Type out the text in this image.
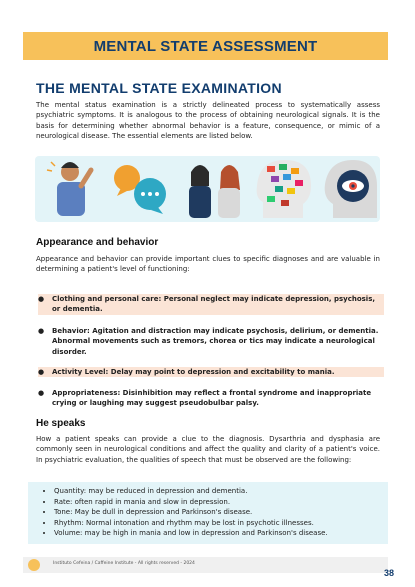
MENTAL STATE ASSESSMENT
THE MENTAL STATE EXAMINATION
The mental status examination is a strictly delineated process to systematically assess psychiatric symptoms. It is analogous to the process of obtaining neurological signals. It is the basis for determining whether abnormal behavior is a feature, consequence, or mimic of a neurological disease. The essential elements are listed below.
Appearance and behavior
Appearance and behavior can provide important clues to specific diagnoses and are valuable in determining a patient's level of functioning:
● Clothing and personal care: Personal neglect may indicate depression, psychosis, or dementia.
● Behavior: Agitation and distraction may indicate psychosis, delirium, or dementia. Abnormal movements such as tremors, chorea or tics may indicate a neurological disorder.
● Activity Level: Delay may point to depression and excitability to mania.
● Appropriateness: Disinhibition may reflect a frontal syndrome and inappropriate crying or laughing may suggest pseudobulbar palsy.
He speaks
How a patient speaks can provide a clue to the diagnosis. Dysarthria and dysphasia are commonly seen in neurological conditions and affect the quality and clarity of a patient's voice. In psychiatric evaluation, the qualities of speech that must be observed are the following:
• Quantity: may be reduced in depression and dementia.
• Rate: often rapid in mania and slow in depression.
• Tone: May be dull in depression and Parkinson's disease.
• Rhythm: Normal intonation and rhythm may be lost in psychotic illnesses.
• Volume: may be high in mania and low in depression and Parkinson's disease.
Instituto Cefeina / Caffeine Institute - All rights reserved - 2024
38
